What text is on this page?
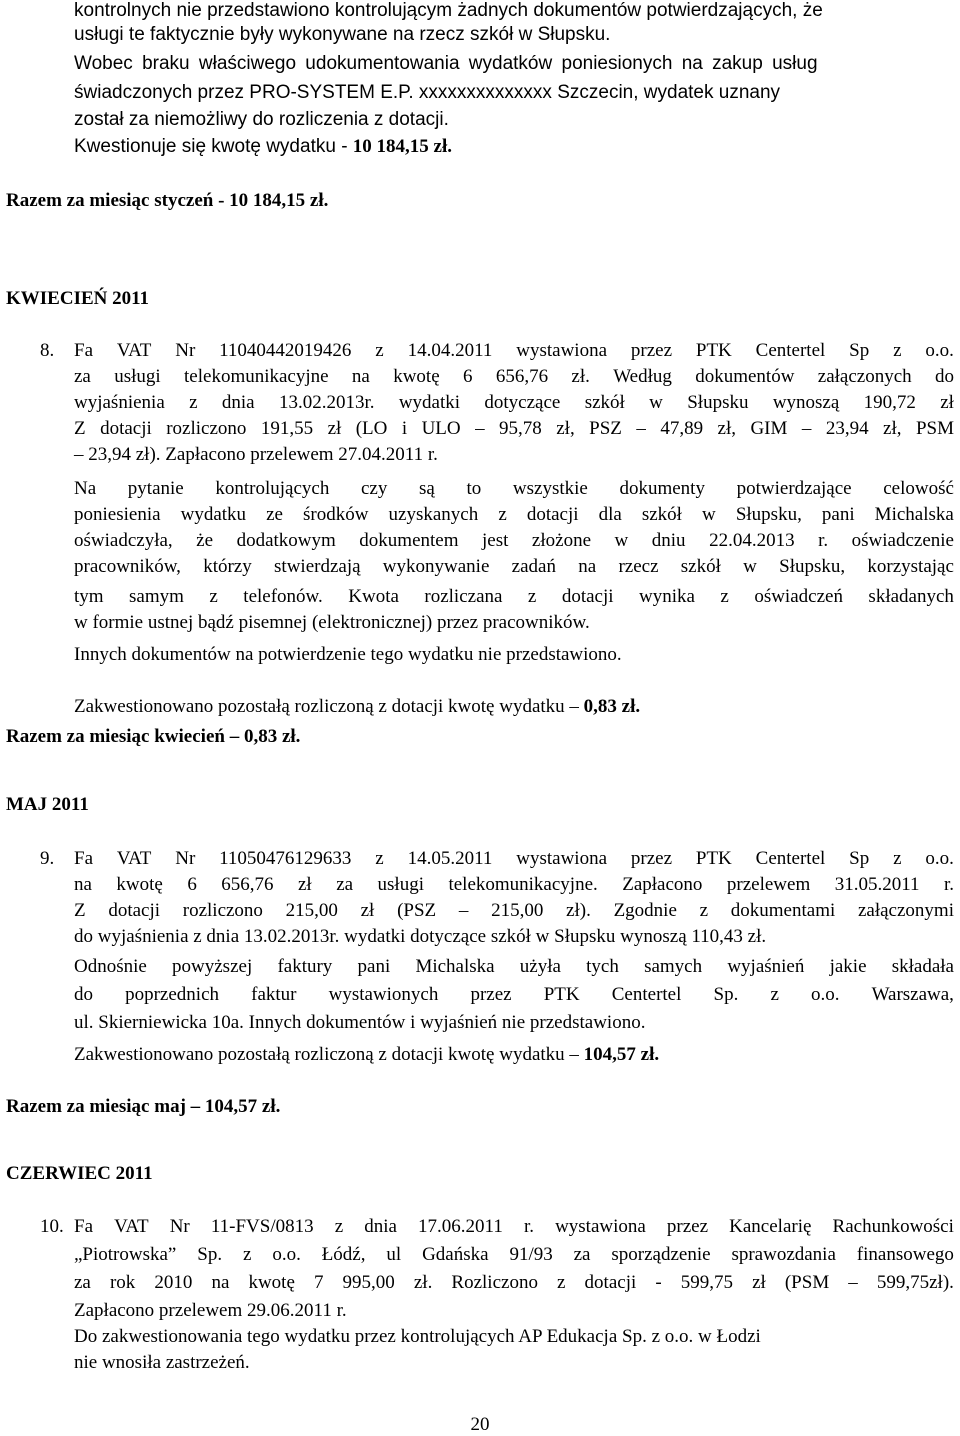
kontrolnych nie przedstawiono kontrolującym żadnych dokumentów potwierdzających, że
usługi te faktycznie były wykonywane na rzecz szkół w Słupsku.
Wobec braku właściwego udokumentowania wydatków poniesionych na zakup usług
świadczonych przez PRO-SYSTEM E.P. xxxxxxxxxxxxxx Szczecin, wydatek uznany
został za niemożliwy do rozliczenia z dotacji.
Kwestionuje się kwotę wydatku - 10 184,15 zł.
Razem za miesiąc styczeń - 10 184,15 zł.
KWIECIEŃ 2011
8. Fa VAT Nr 11040442019426 z 14.04.2011 wystawiona przez PTK Centertel Sp z o.o.
za usługi telekomunikacyjne na kwotę 6 656,76 zł. Według dokumentów załączonych do
wyjaśnienia z dnia 13.02.2013r. wydatki dotyczące szkół w Słupsku wynoszą 190,72 zł
Z dotacji rozliczono 191,55 zł (LO i ULO – 95,78 zł, PSZ – 47,89 zł, GIM – 23,94 zł, PSM
– 23,94 zł). Zapłacono przelewem 27.04.2011 r.
Na pytanie kontrolujących czy są to wszystkie dokumenty potwierdzające celowość
poniesienia wydatku ze środków uzyskanych z dotacji dla szkół w Słupsku, pani Michalska
oświadczyła, że dodatkowym dokumentem jest złożone w dniu 22.04.2013 r. oświadczenie
pracowników, którzy stwierdzają wykonywanie zadań na rzecz szkół w Słupsku, korzystając
tym samym z telefonów. Kwota rozliczana z dotacji wynika z oświadczeń składanych
w formie ustnej bądź pisemnej (elektronicznej) przez pracowników.
Innych dokumentów na potwierdzenie tego wydatku nie przedstawiono.
Zakwestionowano pozostałą rozliczoną z dotacji kwotę wydatku – 0,83 zł.
Razem za miesiąc kwiecień – 0,83 zł.
MAJ 2011
9. Fa VAT Nr 11050476129633 z 14.05.2011 wystawiona przez PTK Centertel Sp z o.o.
na kwotę 6 656,76 zł za usługi telekomunikacyjne. Zapłacono przelewem 31.05.2011 r.
Z dotacji rozliczono 215,00 zł (PSZ – 215,00 zł). Zgodnie z dokumentami załączonymi
do wyjaśnienia z dnia 13.02.2013r. wydatki dotyczące szkół w Słupsku wynoszą 110,43 zł.
Odnośnie powyższej faktury pani Michalska użyła tych samych wyjaśnień jakie składała
do poprzednich faktur wystawionych przez PTK Centertel Sp. z o.o. Warszawa,
ul. Skierniewicka 10a. Innych dokumentów i wyjaśnień nie przedstawiono.
Zakwestionowano pozostałą rozliczoną z dotacji kwotę wydatku – 104,57 zł.
Razem za miesiąc maj – 104,57 zł.
CZERWIEC 2011
10. Fa VAT Nr 11-FVS/0813 z dnia 17.06.2011 r. wystawiona przez Kancelarię Rachunkowości
„Piotrowska” Sp. z o.o. Łódź, ul Gdańska 91/93 za sporządzenie sprawozdania finansowego
za rok 2010 na kwotę 7 995,00 zł. Rozliczono z dotacji - 599,75 zł (PSM – 599,75zł).
Zapłacono przelewem 29.06.2011 r.
Do zakwestionowania tego wydatku przez kontrolujących AP Edukacja Sp. z o.o. w Łodzi
nie wnosiła zastrzeżeń.
20
